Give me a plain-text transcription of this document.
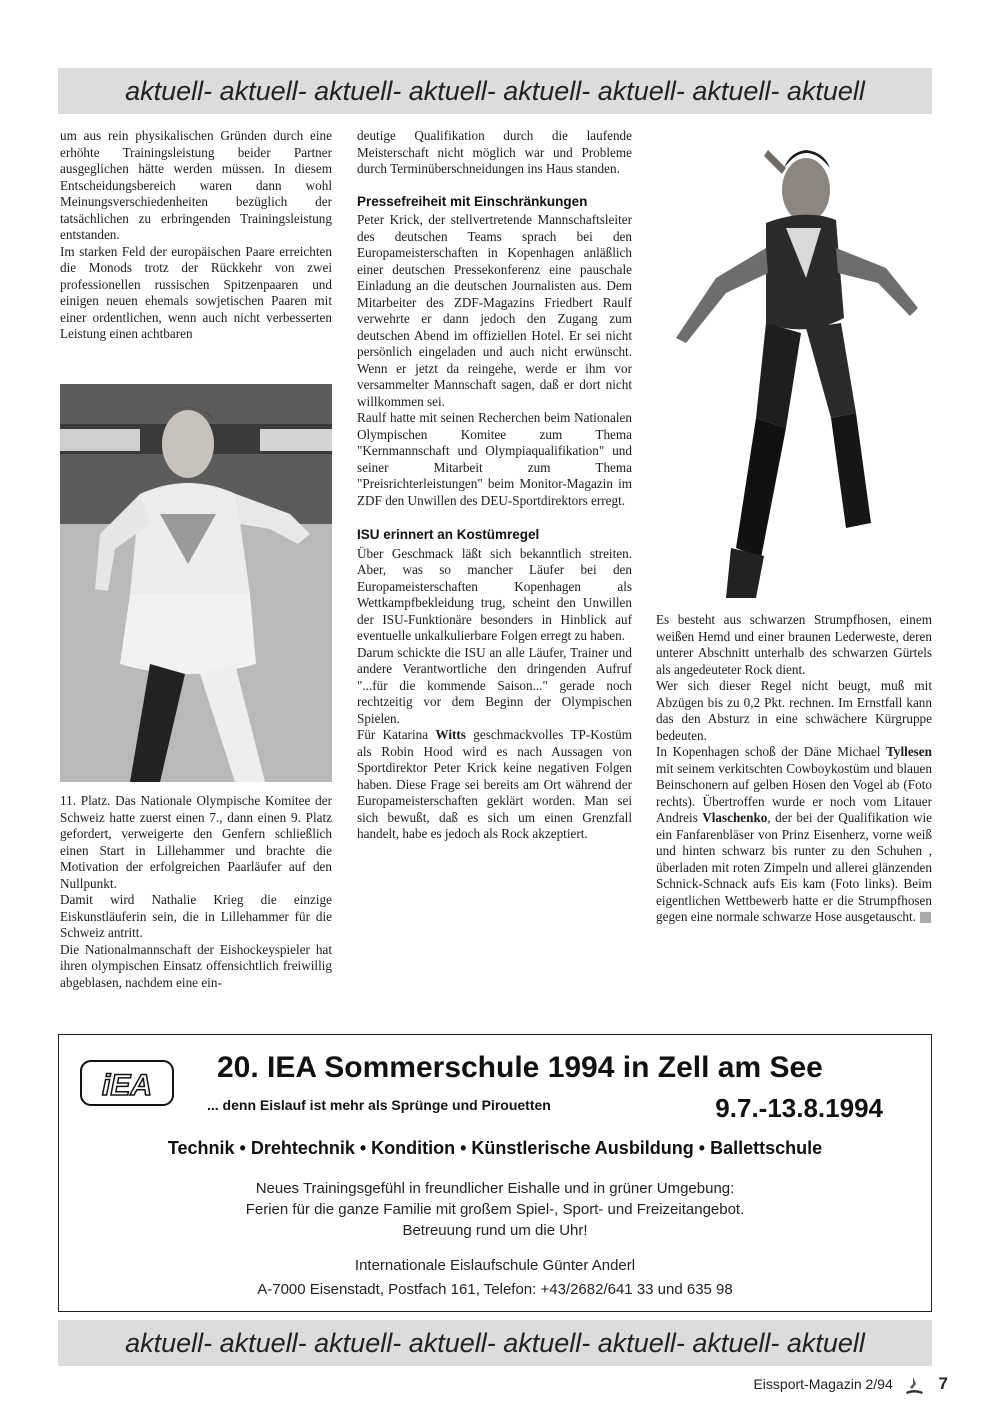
aktuell- aktuell- aktuell- aktuell- aktuell- aktuell- aktuell- aktuell

um aus rein physikalischen Gründen durch eine erhöhte Trainingsleistung beider Partner ausgeglichen hätte werden müssen. In diesem Entscheidungsbereich waren dann wohl Meinungsverschiedenheiten bezüglich der tatsächlichen zu erbringenden Trainingsleistung entstanden.

Im starken Feld der europäischen Paare erreichten die Monods trotz der Rückkehr von zwei professionellen russischen Spitzenpaaren und einigen neuen ehemals sowjetischen Paaren mit einer ordentlichen, wenn auch nicht verbesserten Leistung einen achtbaren

11. Platz. Das Nationale Olympische Komitee der Schweiz hatte zuerst einen 7., dann einen 9. Platz gefordert, verweigerte den Genfern schließlich einen Start in Lillehammer und brachte die Motivation der erfolgreichen Paarläufer auf den Nullpunkt.

Damit wird Nathalie Krieg die einzige Eiskunstläuferin sein, die in Lillehammer für die Schweiz antritt.

Die Nationalmannschaft der Eishockeyspieler hat ihren olympischen Einsatz offensichtlich freiwillig abgeblasen, nachdem eine ein-

deutige Qualifikation durch die laufende Meisterschaft nicht möglich war und Probleme durch Terminüberschneidungen ins Haus standen.

Pressefreiheit mit Einschränkungen

Peter Krick, der stellvertretende Mannschaftsleiter des deutschen Teams sprach bei den Europameisterschaften in Kopenhagen anläßlich einer deutschen Pressekonferenz eine pauschale Einladung an die deutschen Journalisten aus. Dem Mitarbeiter des ZDF-Magazins Friedbert Raulf verwehrte er dann jedoch den Zugang zum deutschen Abend im offiziellen Hotel. Er sei nicht persönlich eingeladen und auch nicht erwünscht. Wenn er jetzt da reingehe, werde er ihm vor versammelter Mannschaft sagen, daß er dort nicht willkommen sei.

Raulf hatte mit seinen Recherchen beim Nationalen Olympischen Komitee zum Thema "Kernmannschaft und Olympiaqualifikation" und seiner Mitarbeit zum Thema "Preisrichterleistungen" beim Monitor-Magazin im ZDF den Unwillen des DEU-Sportdirektors erregt.

ISU erinnert an Kostümregel

Über Geschmack läßt sich bekanntlich streiten. Aber, was so mancher Läufer bei den Europameisterschaften Kopenhagen als Wettkampfbekleidung trug, scheint den Unwillen der ISU-Funktionäre besonders in Hinblick auf eventuelle unkalkulierbare Folgen erregt zu haben.

Darum schickte die ISU an alle Läufer, Trainer und andere Verantwortliche den dringenden Aufruf "...für die kommende Saison..." gerade noch rechtzeitig vor dem Beginn der Olympischen Spielen.

Für Katarina Witts geschmackvolles TP-Kostüm als Robin Hood wird es nach Aussagen von Sportdirektor Peter Krick keine negativen Folgen haben. Diese Frage sei bereits am Ort während der Europameisterschaften geklärt worden. Man sei sich bewußt, daß es sich um einen Grenzfall handelt, habe es jedoch als Rock akzeptiert.

Es besteht aus schwarzen Strumpfhosen, einem weißen Hemd und einer braunen Lederweste, deren unterer Abschnitt unterhalb des schwarzen Gürtels als angedeuteter Rock dient.

Wer sich dieser Regel nicht beugt, muß mit Abzügen bis zu 0,2 Pkt. rechnen. Im Ernstfall kann das den Absturz in eine schwächere Kürgruppe bedeuten.

In Kopenhagen schoß der Däne Michael Tyllesen mit seinem verkitschten Cowboykostüm und blauen Beinschonern auf gelben Hosen den Vogel ab (Foto rechts). Übertroffen wurde er noch vom Litauer Andreis Vlaschenko, der bei der Qualifikation wie ein Fanfarenbläser von Prinz Eisenherz, vorne weiß und hinten schwarz bis runter zu den Schuhen , überladen mit roten Zimpeln und allerei glänzenden Schnick-Schnack aufs Eis kam (Foto links). Beim eigentlichen Wettbewerb hatte er die Strumpfhosen gegen eine normale schwarze Hose ausgetauscht.

iEA
20. IEA Sommerschule 1994 in Zell am See
... denn Eislauf ist mehr als Sprünge und Pirouetten	9.7.-13.8.1994
Technik • Drehtechnik • Kondition • Künstlerische Ausbildung • Ballettschule

Neues Trainingsgefühl in freundlicher Eishalle und in grüner Umgebung:

Ferien für die ganze Familie mit großem Spiel-, Sport- und Freizeitangebot.

Betreuung rund um die Uhr!

Internationale Eislaufschule Günter Anderl

A-7000 Eisenstadt, Postfach 161, Telefon: +43/2682/641 33 und 635 98

aktuell- aktuell- aktuell- aktuell- aktuell- aktuell- aktuell- aktuell
Eissport-Magazin 2/94	7
